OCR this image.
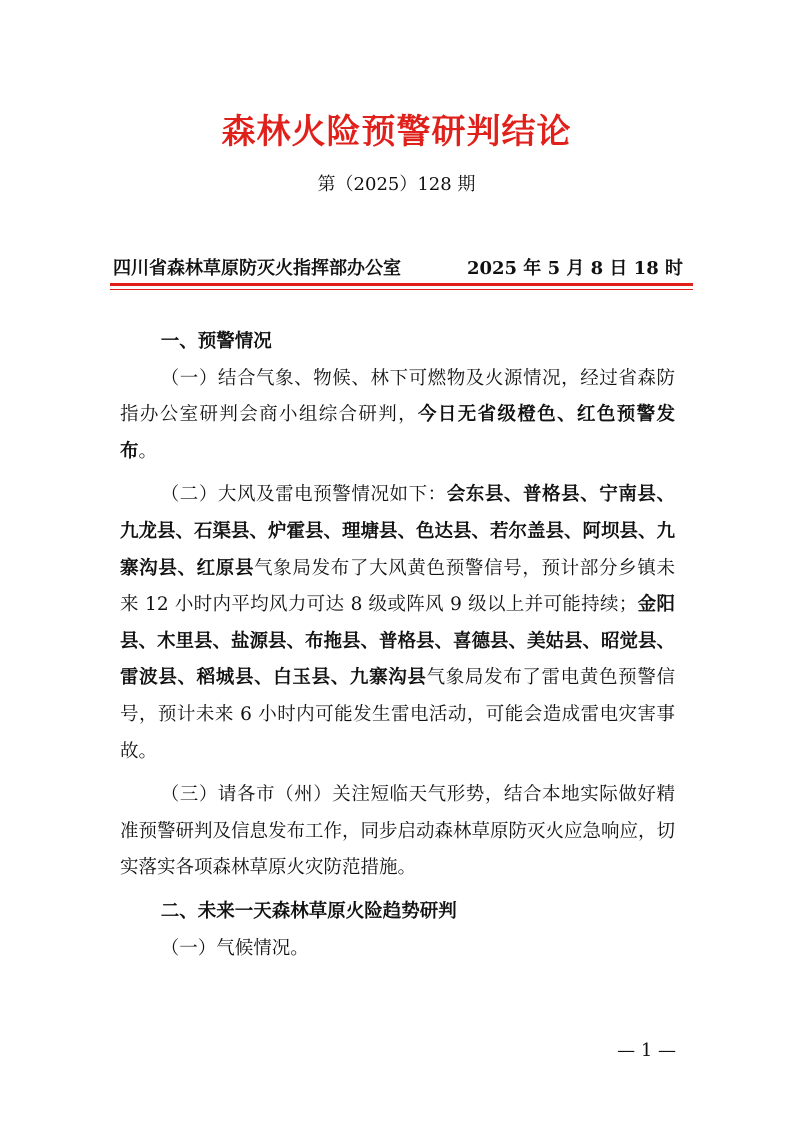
森林火险预警研判结论
第（2025）128 期
四川省森林草原防灭火指挥部办公室	2025 年 5 月 8 日 18 时

一、预警情况

（一）结合气象、物候、林下可燃物及火源情况，经过省森防指办公室研判会商小组综合研判，今日无省级橙色、红色预警发布。

（二）大风及雷电预警情况如下：会东县、普格县、宁南县、九龙县、石渠县、炉霍县、理塘县、色达县、若尔盖县、阿坝县、九寨沟县、红原县气象局发布了大风黄色预警信号，预计部分乡镇未来 12 小时内平均风力可达 8 级或阵风 9 级以上并可能持续；金阳县、木里县、盐源县、布拖县、普格县、喜德县、美姑县、昭觉县、雷波县、稻城县、白玉县、九寨沟县气象局发布了雷电黄色预警信号，预计未来 6 小时内可能发生雷电活动，可能会造成雷电灾害事故。

（三）请各市（州）关注短临天气形势，结合本地实际做好精准预警研判及信息发布工作，同步启动森林草原防灭火应急响应，切实落实各项森林草原火灾防范措施。

二、未来一天森林草原火险趋势研判

（一）气候情况。

— 1 —
